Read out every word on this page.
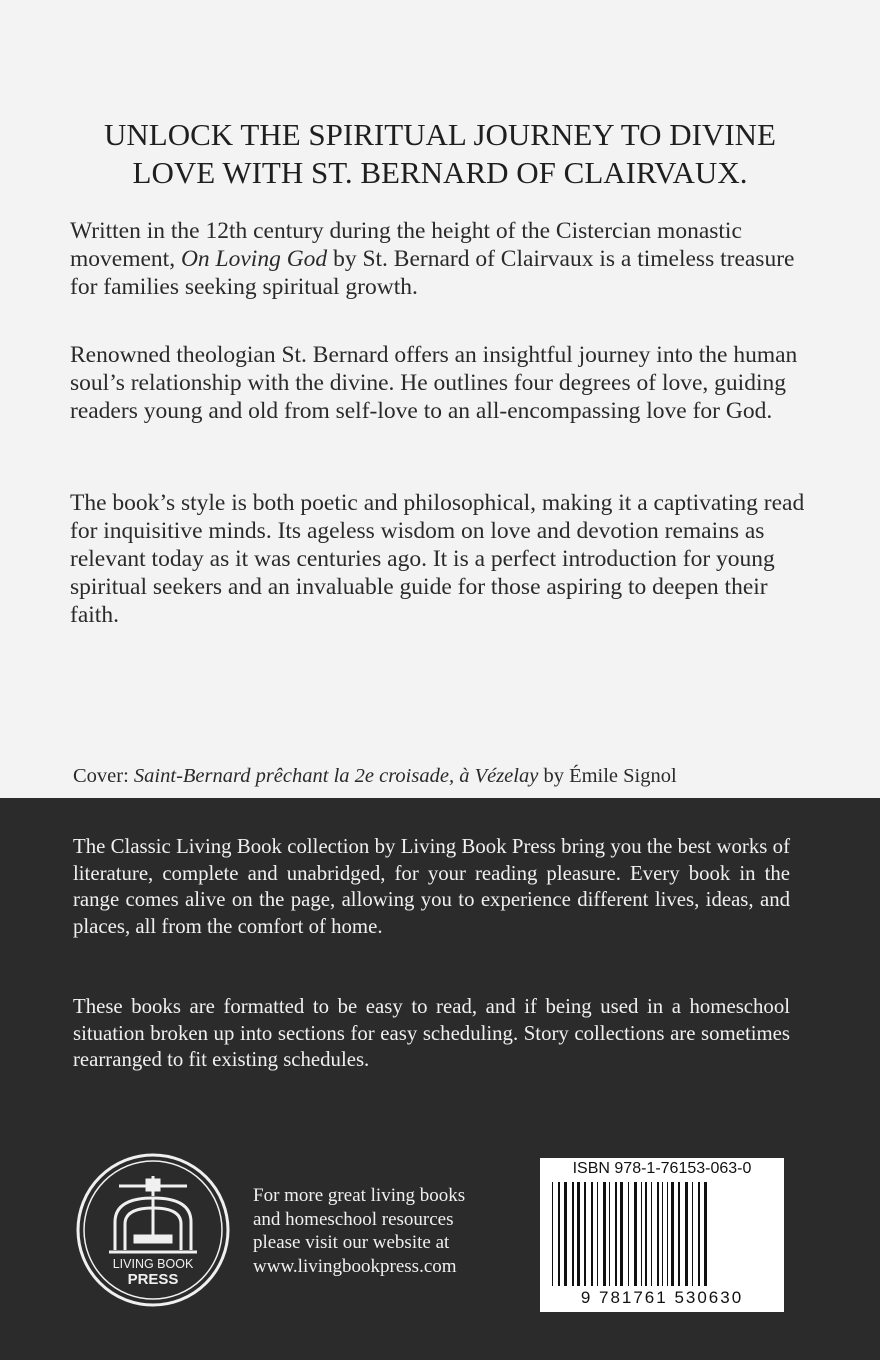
UNLOCK THE SPIRITUAL JOURNEY TO DIVINE LOVE WITH ST. BERNARD OF CLAIRVAUX.

Written in the 12th century during the height of the Cistercian monastic movement, On Loving God by St. Bernard of Clairvaux is a timeless treasure for families seeking spiritual growth.

Renowned theologian St. Bernard offers an insightful journey into the human soul’s relationship with the divine. He outlines four degrees of love, guiding readers young and old from self-love to an all-encompassing love for God.

The book’s style is both poetic and philosophical, making it a captivating read for inquisitive minds. Its ageless wisdom on love and devotion remains as relevant today as it was centuries ago. It is a perfect introduction for young spiritual seekers and an invaluable guide for those aspiring to deepen their faith.

Cover: Saint-Bernard prêchant la 2e croisade, à Vézelay by Émile Signol

The Classic Living Book collection by Living Book Press bring you the best works of literature, complete and unabridged, for your reading pleasure. Every book in the range comes alive on the page, allowing you to experience different lives, ideas, and places, all from the comfort of home.

These books are formatted to be easy to read, and if being used in a homeschool situation broken up into sections for easy scheduling. Story collections are sometimes rearranged to fit existing schedules.

LIVING BOOK
PRESS

For more great living books
and homeschool resources
please visit our website at
www.livingbookpress.com

ISBN 978-1-76153-063-0
9 781761 530630
